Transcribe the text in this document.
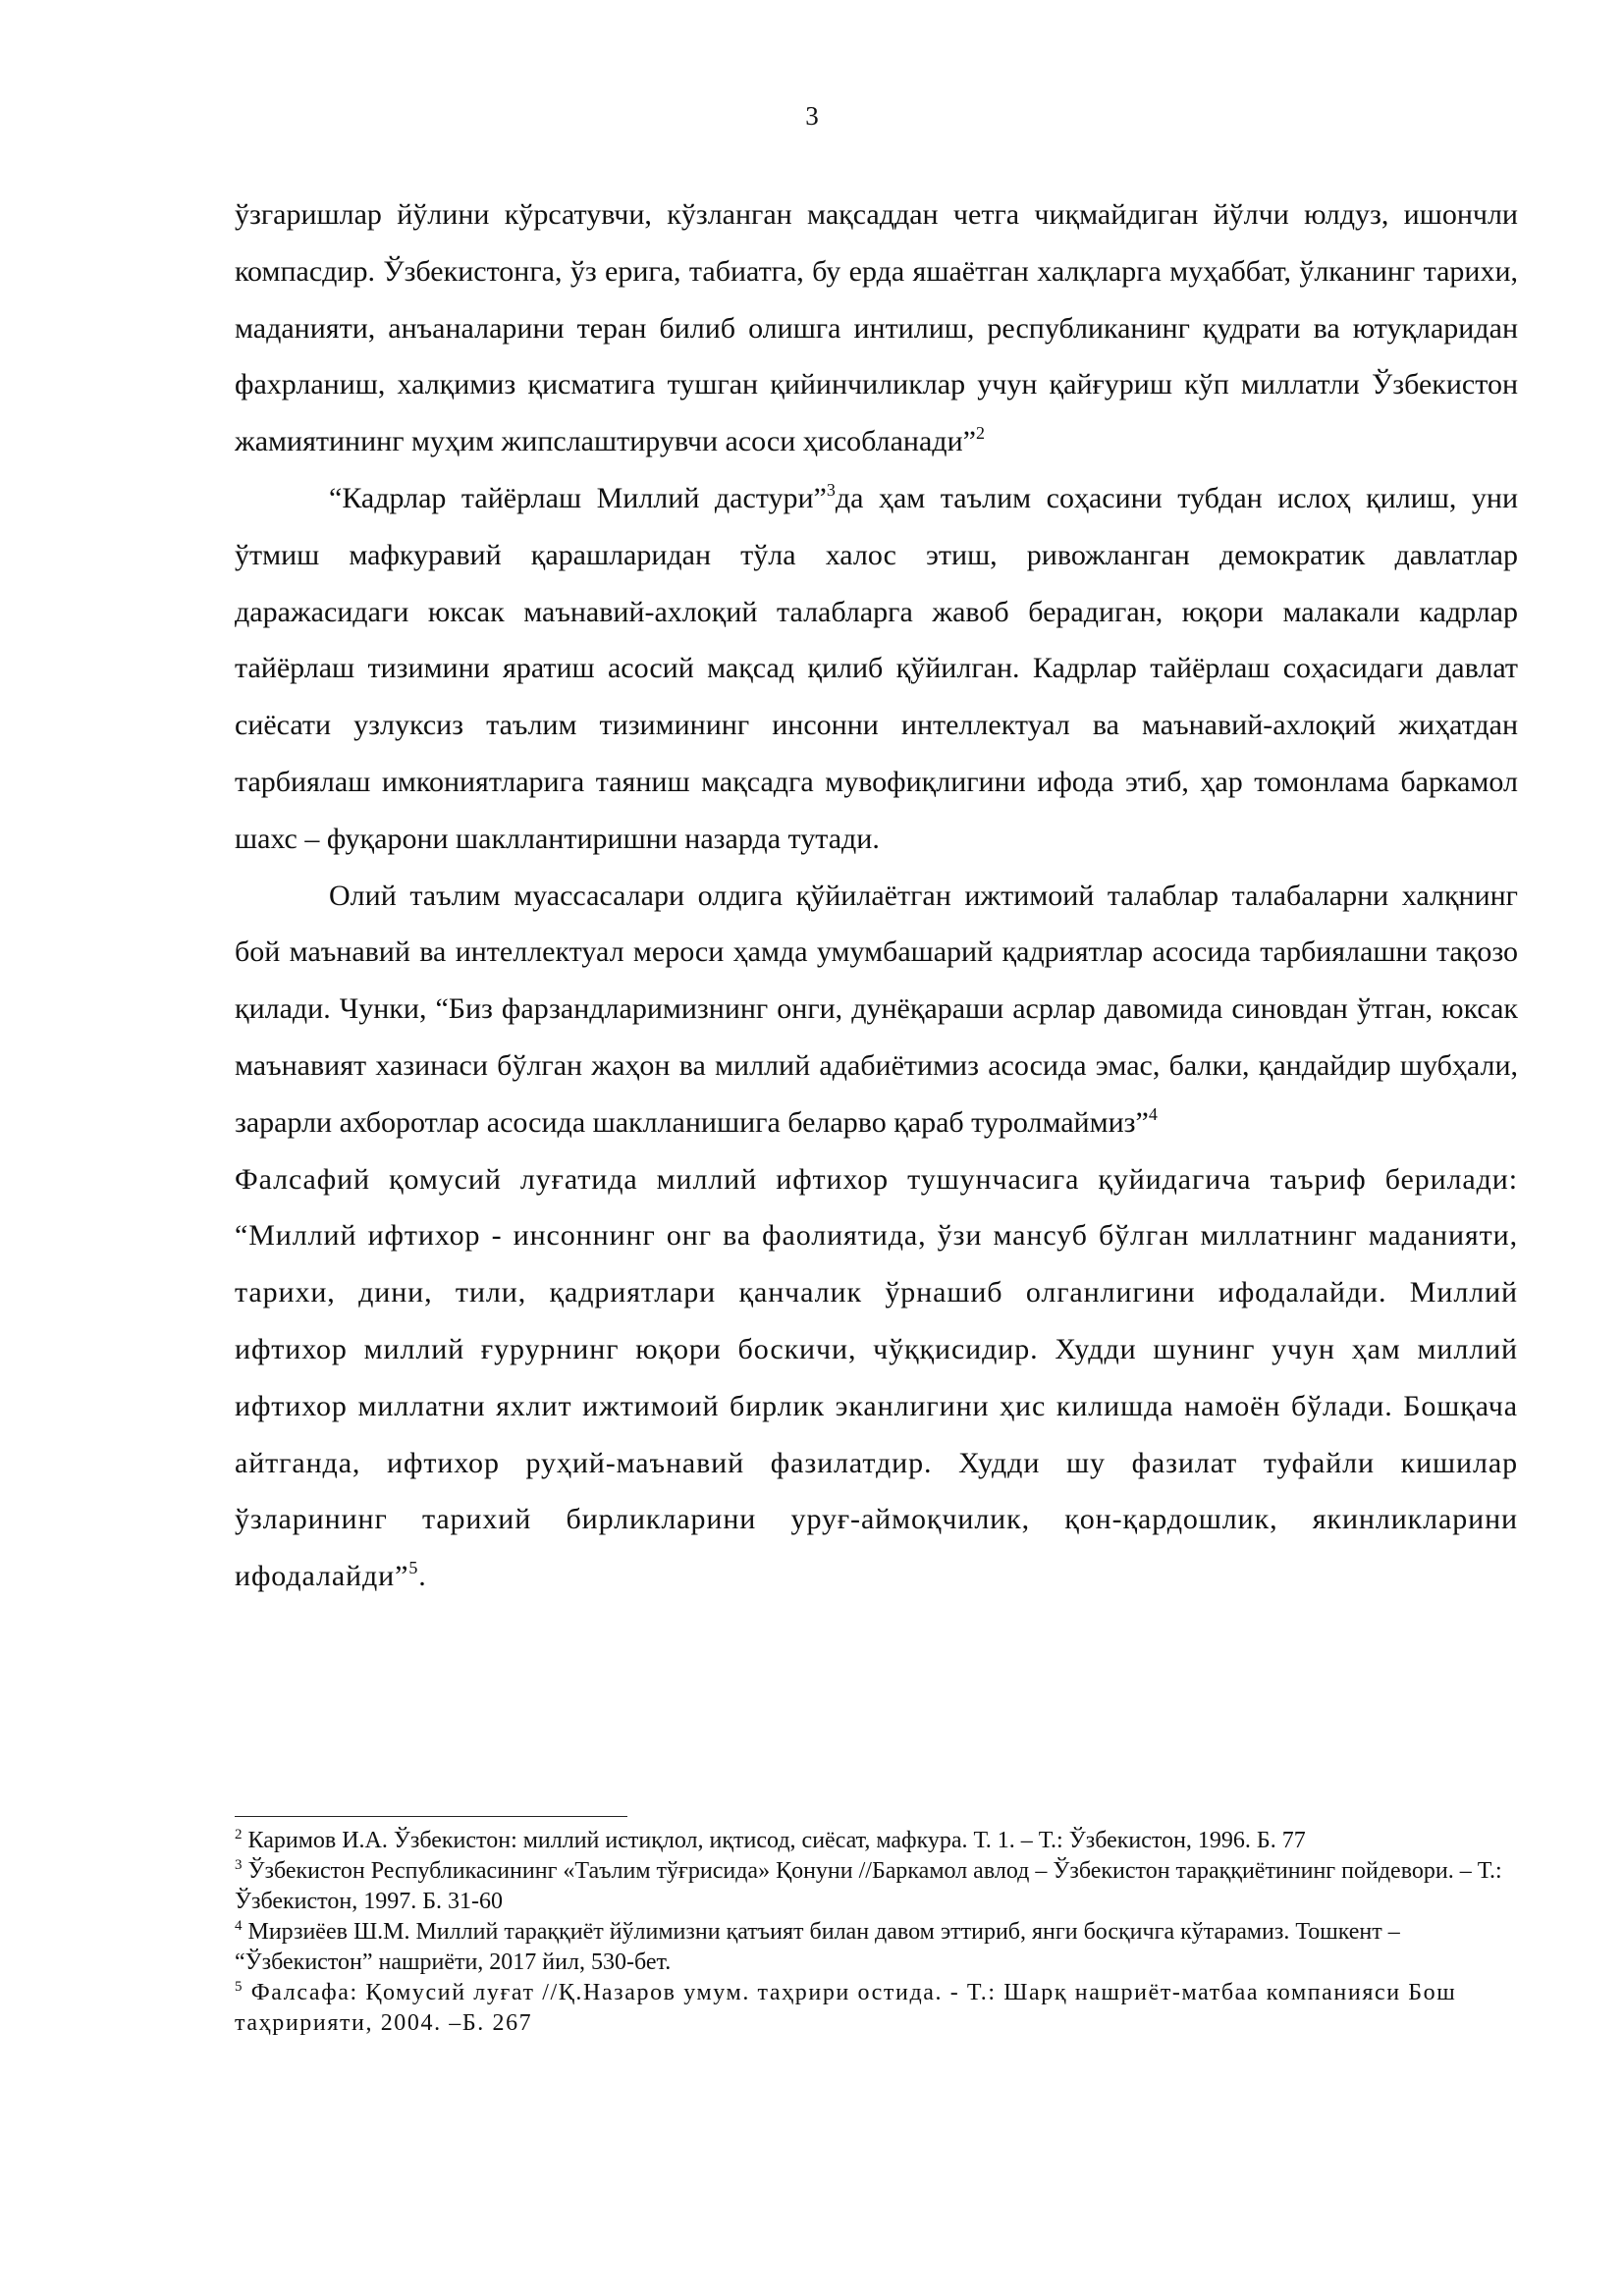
3

ўзгаришлар йўлини кўрсатувчи, кўзланган мақсаддан четга чиқмайдиган йўлчи юлдуз, ишончли компасдир. Ўзбекистонга, ўз ерига, табиатга, бу ерда яшаётган халқларга муҳаббат, ўлканинг тарихи, маданияти, анъаналарини теран билиб олишга интилиш, республиканинг қудрати ва ютуқларидан фахрланиш, халқимиз қисматига тушган қийинчиликлар учун қайғуриш кўп миллатли Ўзбекистон жамиятининг муҳим жипслаштирувчи асоси ҳисобланади”$^2$

“Кадрлар тайёрлаш Миллий дастури”$^3$да ҳам таълим соҳасини тубдан ислоҳ қилиш, уни ўтмиш мафкуравий қарашларидан тўла халос этиш, ривожланган демократик давлатлар даражасидаги юксак маънавий-ахлоқий талабларга жавоб берадиган, юқори малакали кадрлар тайёрлаш тизимини яратиш асосий мақсад қилиб қўйилган. Кадрлар тайёрлаш соҳасидаги давлат сиёсати узлуксиз таълим тизимининг инсонни интеллектуал ва маънавий-ахлоқий жиҳатдан тарбиялаш имкониятларига таяниш мақсадга мувофиқлигини ифода этиб, ҳар томонлама баркамол шахс – фуқарони шакллантиришни назарда тутади.

Олий таълим муассасалари олдига қўйилаётган ижтимоий талаблар талабаларни халқнинг бой маънавий ва интеллектуал мероси ҳамда умумбашарий қадриятлар асосида тарбиялашни тақозо қилади. Чунки, “Биз фарзандларимизнинг онги, дунёқараши асрлар давомида синовдан ўтган, юксак маънавият хазинаси бўлган жаҳон ва миллий адабиётимиз асосида эмас, балки, қандайдир шубҳали, зарарли ахборотлар асосида шаклланишига беларво қараб туролмаймиз”$^4$

Фалсафий қомусий луғатида миллий ифтихор тушунчасига қуйидагича таъриф берилади: “Миллий ифтихор - инсоннинг онг ва фаолиятида, ўзи мансуб бўлган миллатнинг маданияти, тарихи, дини, тили, қадриятлари қанчалик ўрнашиб олганлигини ифодалайди. Миллий ифтихор миллий ғурурнинг юқори боскичи, чўққисидир. Худди шунинг учун ҳам миллий ифтихор миллатни яхлит ижтимоий бирлик эканлигини ҳис килишда намоён бўлади. Бошқача айтганда, ифтихор руҳий-маънавий фазилатдир. Худди шу фазилат туфайли кишилар ўзларининг тарихий бирликларини уруғ-аймоқчилик, қон-қардошлик, якинликларини ифодалайди”$^5$.

$^2$ Каримов И.А. Ўзбекистон: миллий истиқлол, иқтисод, сиёсат, мафкура. Т. 1. – Т.: Ўзбекистон, 1996. Б. 77

$^3$ Ўзбекистон Республикасининг «Таълим тўғрисида» Қонуни //Баркамол авлод – Ўзбекистон тараққиётининг пойдевори. – Т.: Ўзбекистон, 1997. Б. 31-60

$^4$ Мирзиёев Ш.М. Миллий тараққиёт йўлимизни қатъият билан давом эттириб, янги босқичга кўтарамиз. Тошкент – “Ўзбекистон” нашриёти, 2017 йил, 530-бет.

$^5$ Фалсафа: Қомусий луғат //Қ.Назаров умум. таҳрири остида. - Т.: Шарқ нашриёт-матбаа компанияси Бош таҳририяти, 2004. –Б. 267
